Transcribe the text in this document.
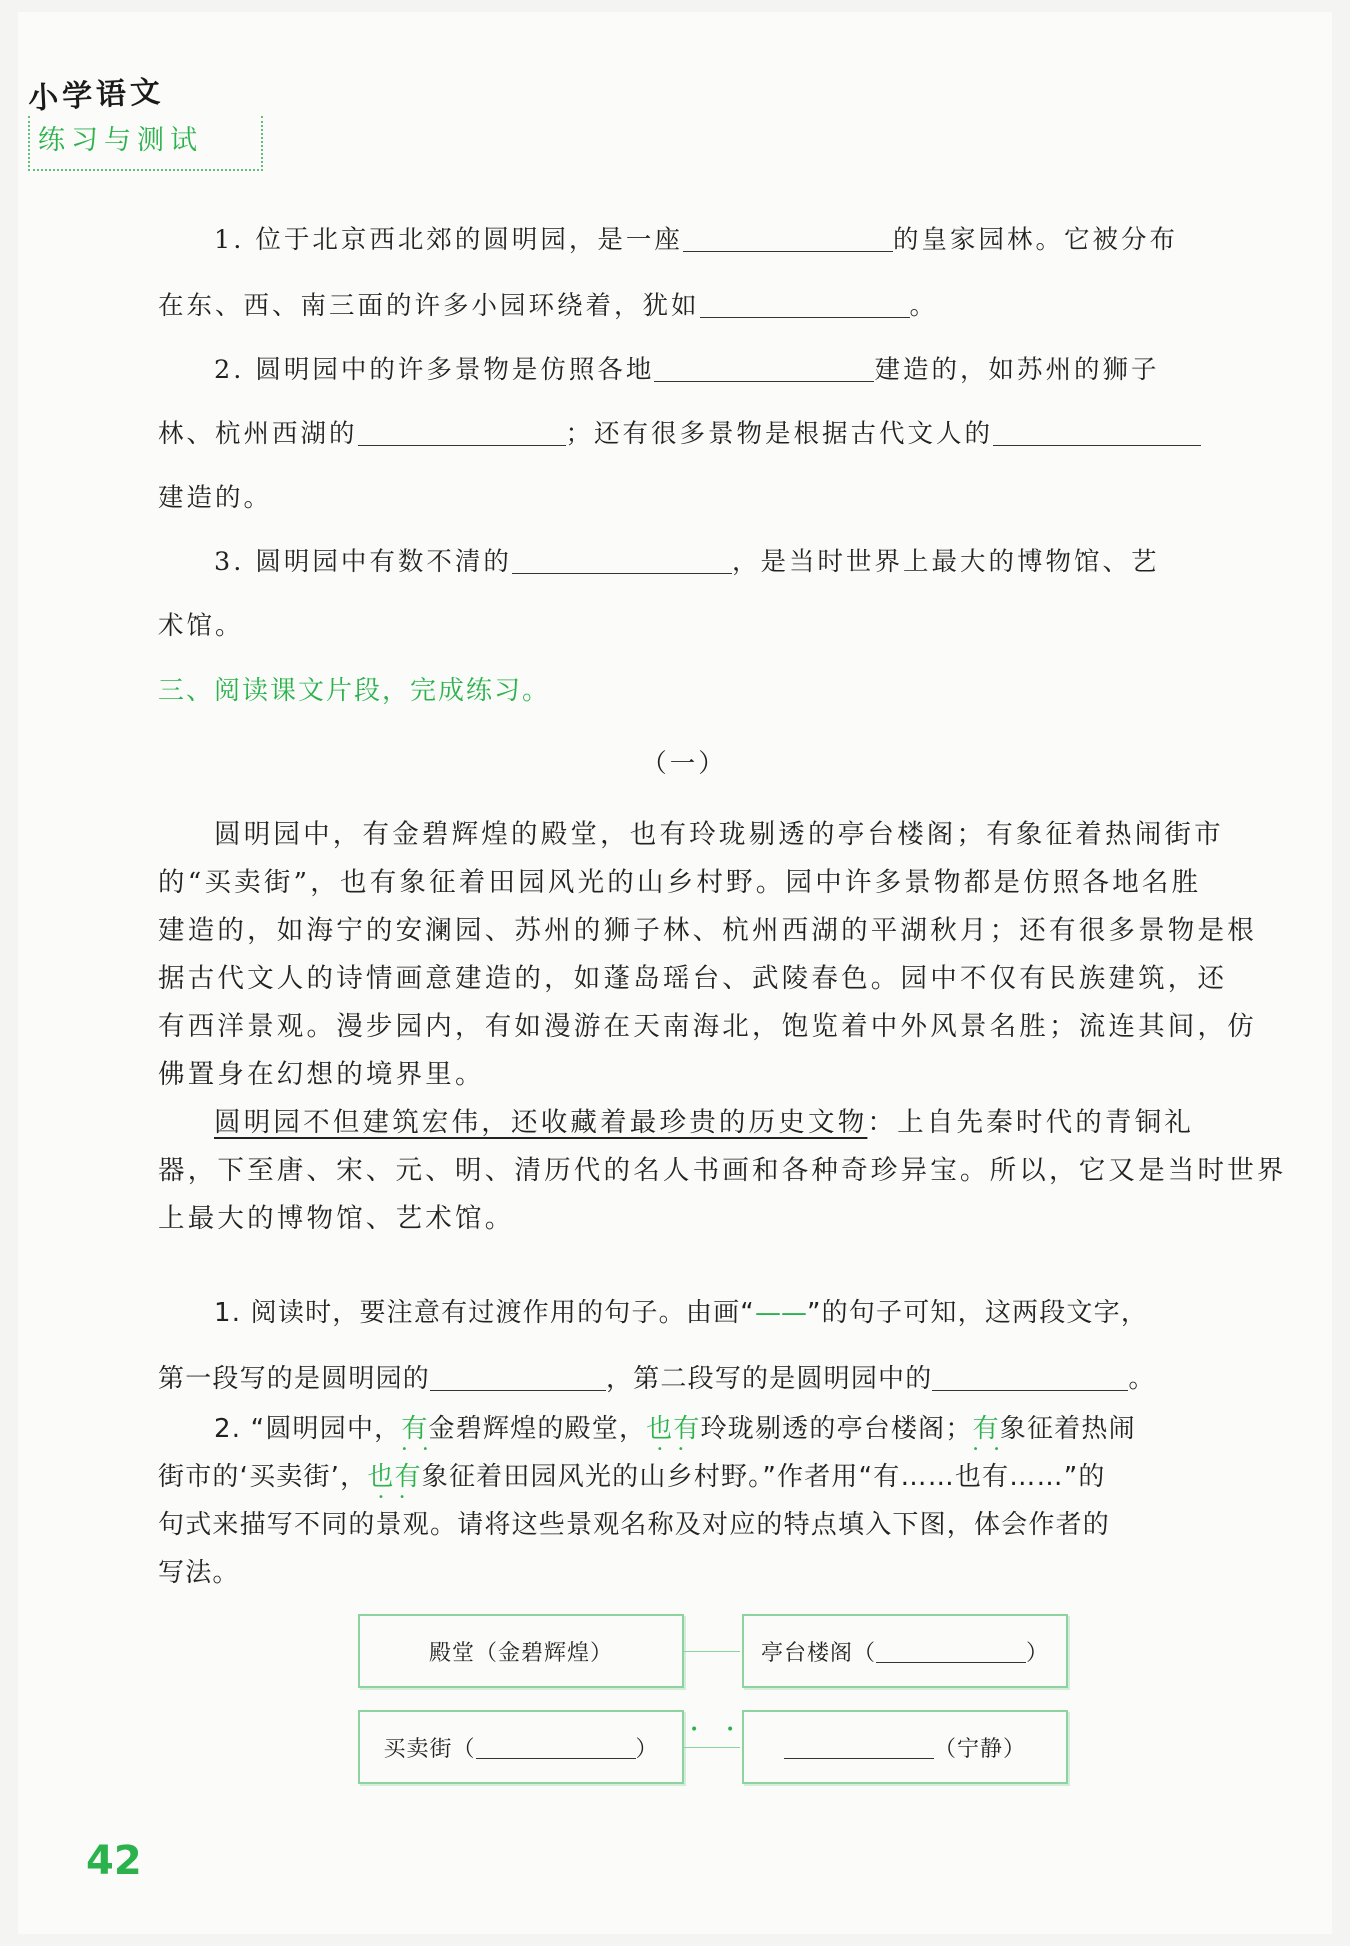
小学语文
练习与测试
1. 位于北京西北郊的圆明园，是一座	的皇家园林。它被分布
在东、西、南三面的许多小园环绕着，犹如	。
2. 圆明园中的许多景物是仿照各地	建造的，如苏州的狮子
林、杭州西湖的	；还有很多景物是根据古代文人的
建造的。
3. 圆明园中有数不清的	，是当时世界上最大的博物馆、艺
术馆。
三、阅读课文片段，完成练习。
（一）
圆明园中，有金碧辉煌的殿堂，也有玲珑剔透的亭台楼阁；有象征着热闹街市
的“买卖街”，也有象征着田园风光的山乡村野。园中许多景物都是仿照各地名胜
建造的，如海宁的安澜园、苏州的狮子林、杭州西湖的平湖秋月；还有很多景物是根
据古代文人的诗情画意建造的，如蓬岛瑶台、武陵春色。园中不仅有民族建筑，还
有西洋景观。漫步园内，有如漫游在天南海北，饱览着中外风景名胜；流连其间，仿
佛置身在幻想的境界里。
圆明园不但建筑宏伟，还收藏着最珍贵的历史文物：上自先秦时代的青铜礼
器，下至唐、宋、元、明、清历代的名人书画和各种奇珍异宝。所以，它又是当时世界
上最大的博物馆、艺术馆。
1. 阅读时，要注意有过渡作用的句子。由画“——”的句子可知，这两段文字，
第一段写的是圆明园的	，第二段写的是圆明园中的	。
2. “圆明园中，有 • •金碧辉煌的殿堂，也有 • •玲珑剔透的亭台楼阁；有 • •象征着热闹
街市的‘买卖街’，也有 • •象征着田园风光的山乡村野。”作者用“有……也有……”的
句式来描写不同的景观。请将这些景观名称及对应的特点填入下图，体会作者的
写法。
殿堂（金碧辉煌）	亭台楼阁（	）
买卖街（	）
• •
（宁静）
42
